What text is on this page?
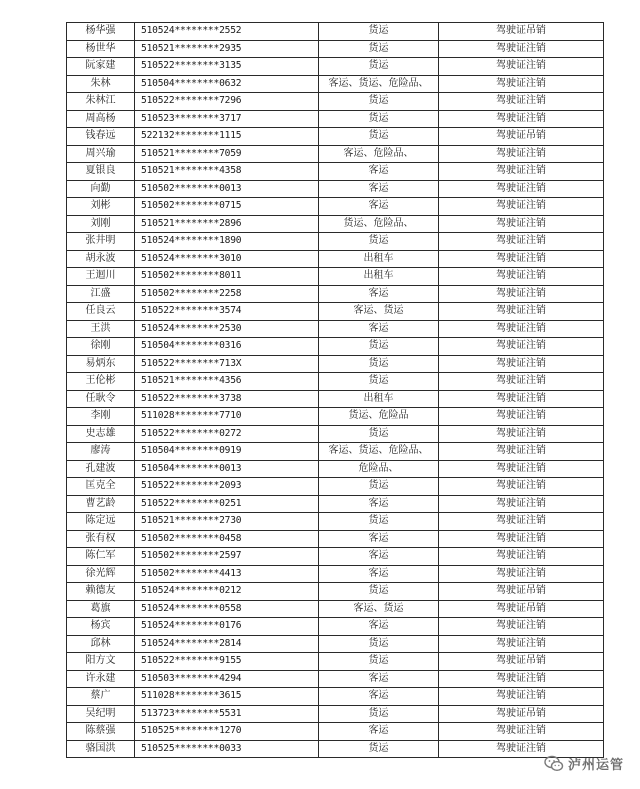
杨华强	510524********2552	货运	驾驶证吊销
杨世华	510521********2935	货运	驾驶证注销
阮家建	510522********3135	货运	驾驶证注销
朱林	510504********0632	客运、货运、危险品、	驾驶证注销
朱林江	510522********7296	货运	驾驶证注销
周高杨	510523********3717	货运	驾驶证注销
钱春远	522132********1115	货运	驾驶证吊销
周兴瑜	510521********7059	客运、危险品、	驾驶证注销
夏银良	510521********4358	客运	驾驶证注销
向勤	510502********0013	客运	驾驶证注销
刘彬	510502********0715	客运	驾驶证注销
刘刚	510521********2896	货运、危险品、	驾驶证注销
张井明	510524********1890	货运	驾驶证注销
胡永波	510524********3010	出租车	驾驶证注销
王迴川	510502********8011	出租车	驾驶证注销
江盛	510502********2258	客运	驾驶证注销
任良云	510522********3574	客运、货运	驾驶证注销
王洪	510524********2530	客运	驾驶证注销
徐刚	510504********0316	货运	驾驶证注销
易炳东	510522********713X	货运	驾驶证注销
王伦彬	510521********4356	货运	驾驶证注销
任耿令	510522********3738	出租车	驾驶证注销
李刚	511028********7710	货运、危险品	驾驶证注销
史志雄	510522********0272	货运	驾驶证注销
廖涛	510504********0919	客运、货运、危险品、	驾驶证注销
孔建波	510504********0013	危险品、	驾驶证注销
匡克全	510522********2093	货运	驾驶证注销
曹艺龄	510522********0251	客运	驾驶证注销
陈定远	510521********2730	货运	驾驶证注销
张有权	510502********0458	客运	驾驶证注销
陈仁军	510502********2597	客运	驾驶证注销
徐光辉	510502********4413	客运	驾驶证注销
赖德友	510524********0212	货运	驾驶证吊销
葛旗	510524********0558	客运、货运	驾驶证吊销
杨宾	510524********0176	客运	驾驶证注销
邱林	510524********2814	货运	驾驶证注销
阳方文	510522********9155	货运	驾驶证吊销
许永建	510503********4294	客运	驾驶证注销
蔡广	511028********3615	客运	驾驶证注销
吴纪明	513723********5531	货运	驾驶证吊销
陈蔡强	510525********1270	客运	驾驶证注销
骆国洪	510525********0033	货运	驾驶证注销
泸州运管
